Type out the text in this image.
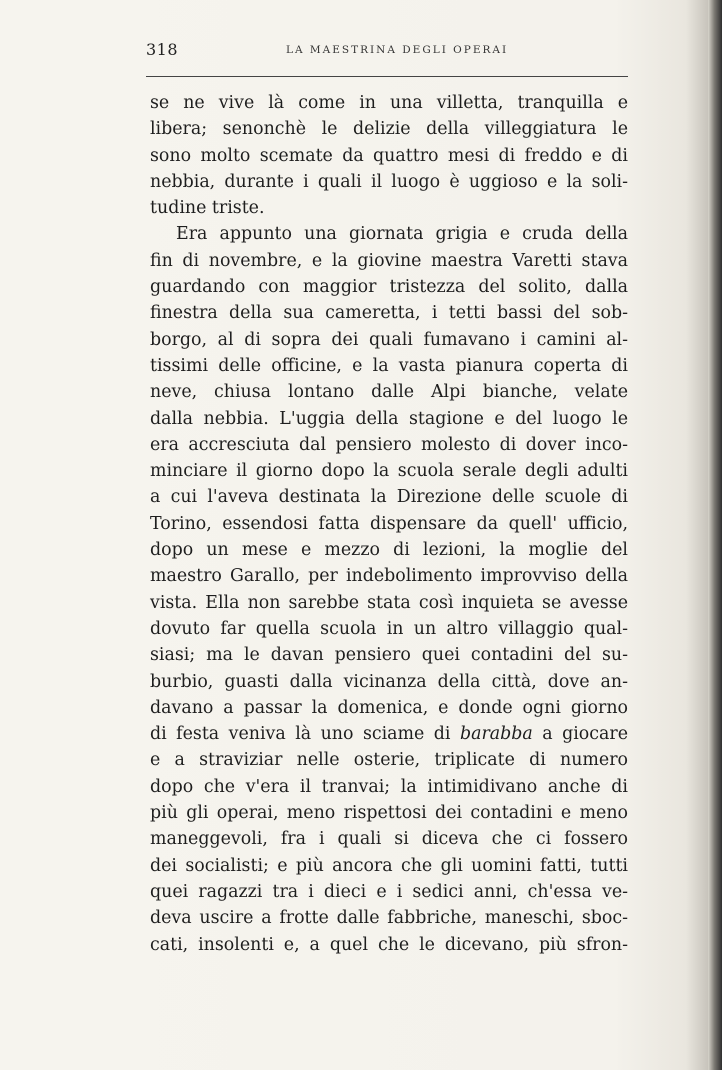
318	LA MAESTRINA DEGLI OPERAI
se ne vive là come in una villetta, tranquilla e
libera; senonchè le delizie della villeggiatura le
sono molto scemate da quattro mesi di freddo e di
nebbia, durante i quali il luogo è uggioso e la soli-
tudine triste.
Era appunto una giornata grigia e cruda della
fin di novembre, e la giovine maestra Varetti stava
guardando con maggior tristezza del solito, dalla
finestra della sua cameretta, i tetti bassi del sob-
borgo, al di sopra dei quali fumavano i camini al-
tissimi delle officine, e la vasta pianura coperta di
neve, chiusa lontano dalle Alpi bianche, velate
dalla nebbia. L'uggia della stagione e del luogo le
era accresciuta dal pensiero molesto di dover inco-
minciare il giorno dopo la scuola serale degli adulti
a cui l'aveva destinata la Direzione delle scuole di
Torino, essendosi fatta dispensare da quell' ufficio,
dopo un mese e mezzo di lezioni, la moglie del
maestro Garallo, per indebolimento improvviso della
vista. Ella non sarebbe stata così inquieta se avesse
dovuto far quella scuola in un altro villaggio qual-
siasi; ma le davan pensiero quei contadini del su-
burbio, guasti dalla vicinanza della città, dove an-
davano a passar la domenica, e donde ogni giorno
di festa veniva là uno sciame di barabba a giocare
e a straviziar nelle osterie, triplicate di numero
dopo che v'era il tranvai; la intimidivano anche di
più gli operai, meno rispettosi dei contadini e meno
maneggevoli, fra i quali si diceva che ci fossero
dei socialisti; e più ancora che gli uomini fatti, tutti
quei ragazzi tra i dieci e i sedici anni, ch'essa ve-
deva uscire a frotte dalle fabbriche, maneschi, sboc-
cati, insolenti e, a quel che le dicevano, più sfron-
